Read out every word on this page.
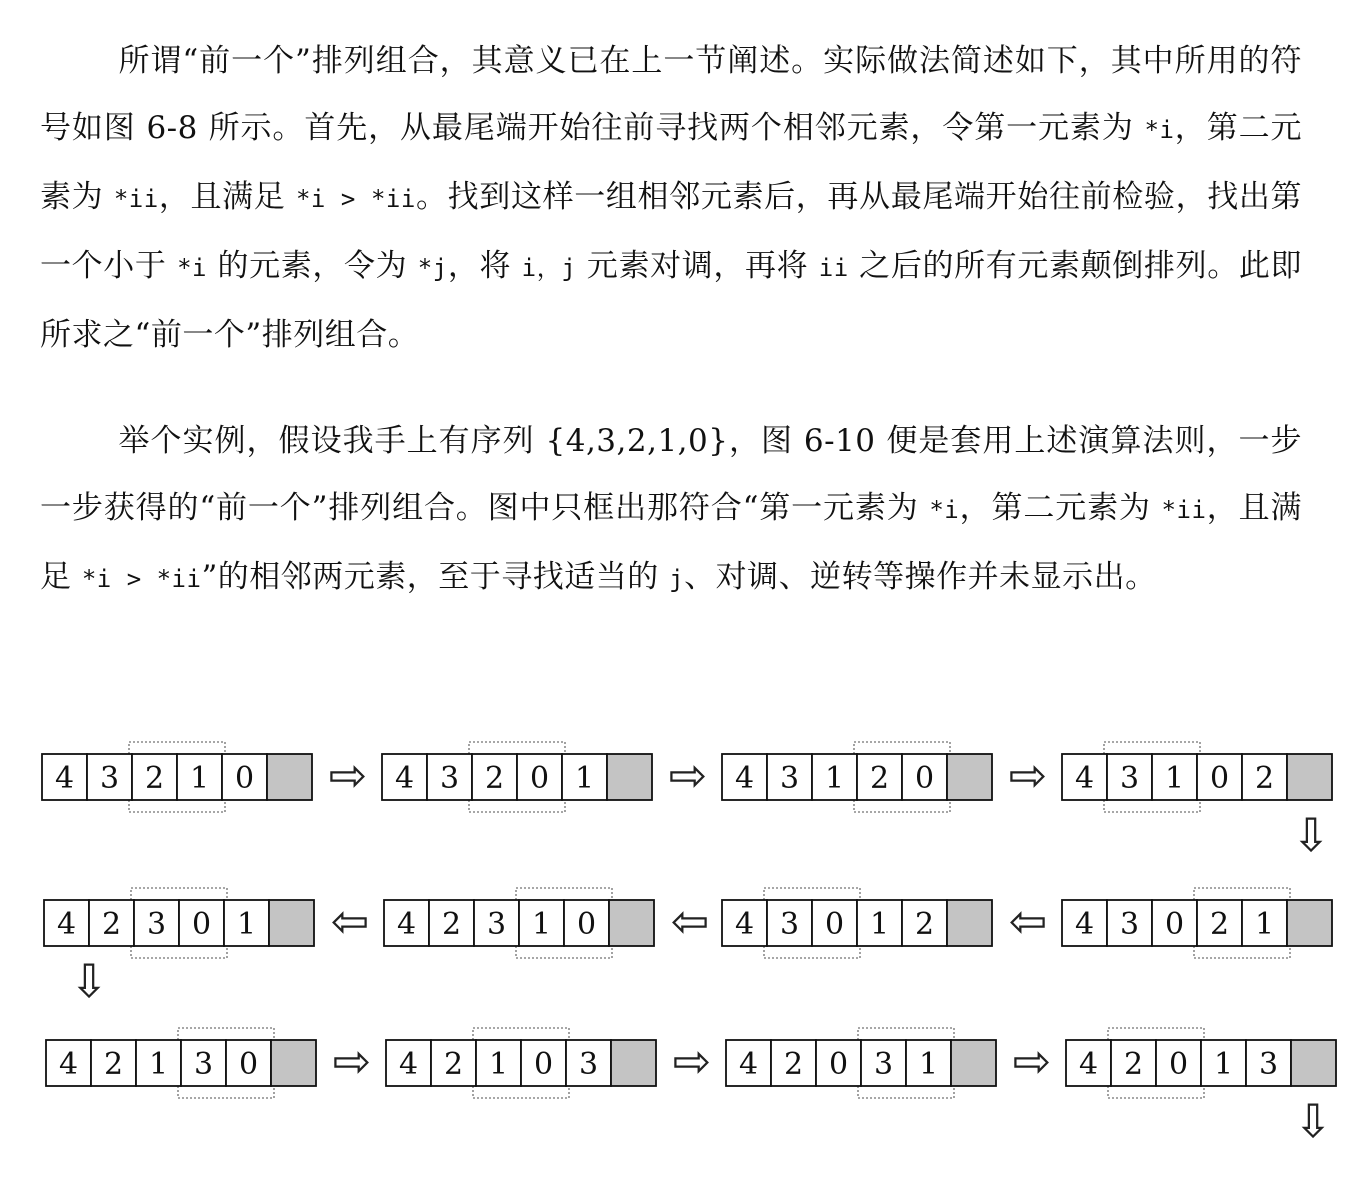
所谓“前一个”排列组合，其意义已在上一节阐述。实际做法简述如下，其中所用的符号如图 6-8 所示。首先，从最尾端开始往前寻找两个相邻元素，令第一元素为 *i，第二元素为 *ii，且满足 *i > *ii。找到这样一组相邻元素后，再从最尾端开始往前检验，找出第一个小于 *i 的元素，令为 *j，将 i，j 元素对调，再将 ii 之后的所有元素颠倒排列。此即所求之“前一个”排列组合。

举个实例，假设我手上有序列 {4,3,2,1,0}，图 6-10 便是套用上述演算法则，一步一步获得的“前一个”排列组合。图中只框出那符合“第一元素为 *i，第二元素为 *ii，且满足 *i > *ii”的相邻两元素，至于寻找适当的 j、对调、逆转等操作并未显示出。

4 3 2 1 0	4 3 2 0 1	4 3 1 2 0	4 3 1 0 2
4 3 0 2 1
4 3 0 1 2
4 2 3 1 0
4 2 3 0 1
4 2 1 3 0	4 2 1 0 3	4 2 0 3 1	4 2 0 1 3
⇨	⇨	⇨
⇩
⇦	⇦	⇦
⇩
⇨	⇨	⇨
⇩
